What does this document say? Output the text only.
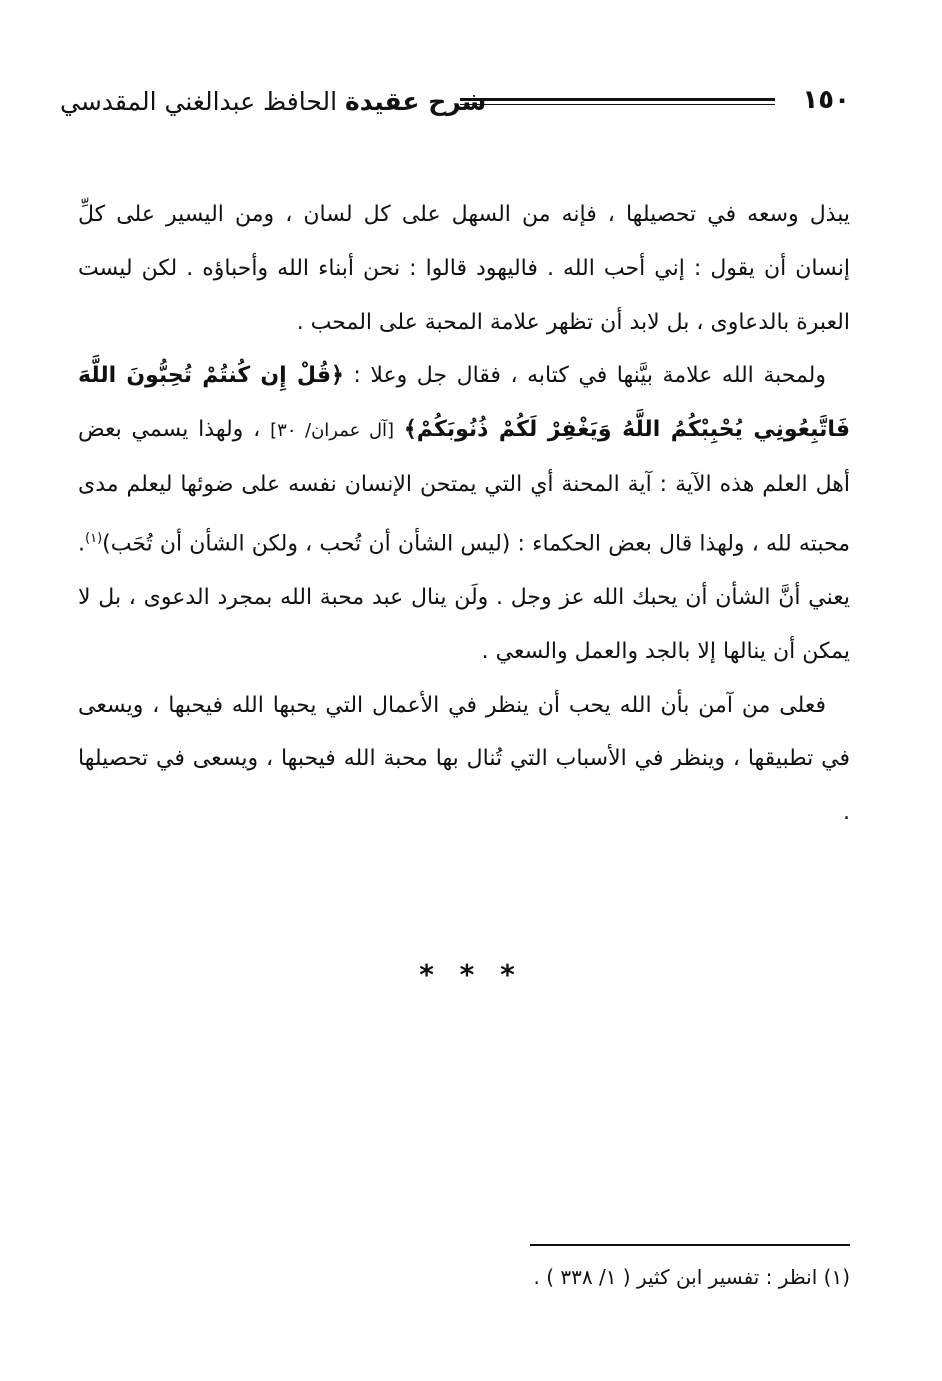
شرح عقيدة الحافظ عبدالغني المقدسي	١٥٠

يبذل وسعه في تحصيلها ، فإنه من السهل على كل لسان ، ومن اليسير على كلِّ إنسان أن يقول : إني أحب الله . فاليهود قالوا : نحن أبناء الله وأحباؤه . لكن ليست العبرة بالدعاوى ، بل لابد أن تظهر علامة المحبة على المحب .

ولمحبة الله علامة بيَّنها في كتابه ، فقال جل وعلا : ﴿قُلْ إِن كُنتُمْ تُحِبُّونَ اللَّهَ فَاتَّبِعُونِي يُحْبِبْكُمُ اللَّهُ وَيَغْفِرْ لَكُمْ ذُنُوبَكُمْ﴾ [آل عمران/ ٣٠] ، ولهذا يسمي بعض أهل العلم هذه الآية : آية المحنة أي التي يمتحن الإنسان نفسه على ضوئها ليعلم مدى محبته لله ، ولهذا قال بعض الحكماء : (ليس الشأن أن تُحب ، ولكن الشأن أن تُحَب)$^{(١)}$. يعني أنَّ الشأن أن يحبك الله عز وجل . ولَن ينال عبد محبة الله بمجرد الدعوى ، بل لا يمكن أن ينالها إلا بالجد والعمل والسعي .

فعلى من آمن بأن الله يحب أن ينظر في الأعمال التي يحبها الله فيحبها ، ويسعى في تطبيقها ، وينظر في الأسباب التي تُنال بها محبة الله فيحبها ، ويسعى في تحصيلها .

* * *
(١) انظر : تفسير ابن كثير ( ١/ ٣٣٨ ) .
